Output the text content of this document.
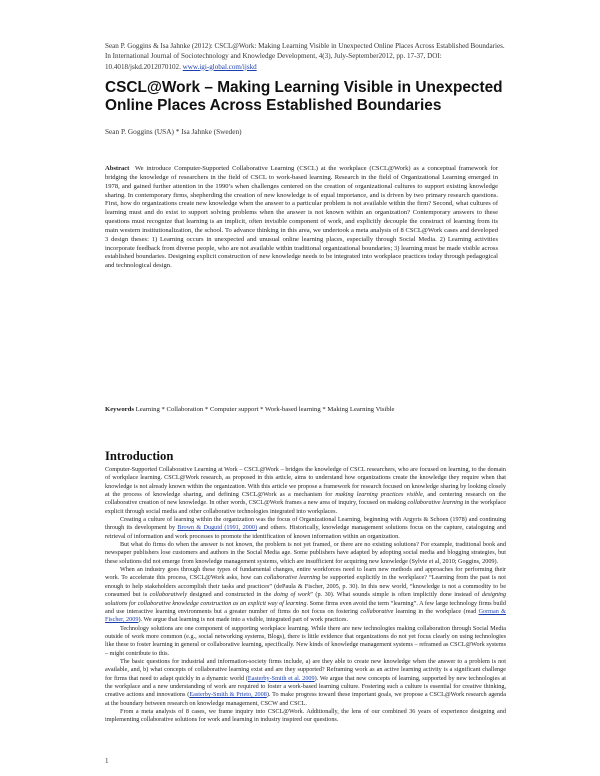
Sean P. Goggins & Isa Jahnke (2012): CSCL@Work: Making Learning Visible in Unexpected Online Places Across Established Boundaries. In International Journal of Sociotechnology and Knowledge Development, 4(3), July-September2012, pp. 17-37, DOI: 10.4018/jskd.2012070102. www.igi-global.com/ijskd
CSCL@Work – Making Learning Visible in Unexpected Online Places Across Established Boundaries
Sean P. Goggins (USA) * Isa Jahnke (Sweden)
Abstract We introduce Computer-Supported Collaborative Learning (CSCL) at the workplace (CSCL@Work) as a conceptual framework for bridging the knowledge of researchers in the field of CSCL to work-based learning. Research in the field of Organizational Learning emerged in 1978, and gained further attention in the 1990’s when challenges centered on the creation of organizational cultures to support existing knowledge sharing. In contemporary firms, shepherding the creation of new knowledge is of equal importance, and is driven by two primary research questions. First, how do organizations create new knowledge when the answer to a particular problem is not available within the firm? Second, what cultures of learning must and do exist to support solving problems when the answer is not known within an organization? Contemporary answers to these questions must recognize that learning is an implicit, often invisible component of work, and explicitly decouple the construct of learning from its main western institutionalization, the school. To advance thinking in this area, we undertook a meta analysis of 8 CSCL@Work cases and developed 3 design theses: 1) Learning occurs in unexpected and unusual online learning places, especially through Social Media. 2) Learning activities incorporate feedback from diverse people, who are not available within traditional organizational boundaries; 3) learning must be made visible across established boundaries. Designing explicit construction of new knowledge needs to be integrated into workplace practices today through pedagogical and technological design.
Keywords Learning * Collaboration * Computer support * Work-based learning * Making Learning Visible
Introduction

Computer-Supported Collaborative Learning at Work – CSCL@Work – bridges the knowledge of CSCL researchers, who are focused on learning, to the domain of workplace learning. CSCL@Work research, as proposed in this article, aims to understand how organizations create the knowledge they require when that knowledge is not already known within the organization. With this article we propose a framework for research focused on knowledge sharing by looking closely at the process of knowledge sharing, and defining CSCL@Work as a mechanism for making learning practices visible, and centering research on the collaborative creation of new knowledge. In other words, CSCL@Work frames a new area of inquiry, focused on making collaborative learning in the workplace explicit through social media and other collaborative technologies integrated into workplaces.

Creating a culture of learning within the organization was the focus of Organizational Learning, beginning with Argyris & Schoen (1978) and continuing through its development by Brown & Duguid (1991, 2000) and others. Historically, knowledge management solutions focus on the capture, cataloguing and retrieval of information and work processes to promote the identification of known information within an organization.

But what do firms do when the answer is not known, the problem is not yet framed, or there are no existing solutions? For example, traditional book and newspaper publishers lose customers and authors in the Social Media age. Some publishers have adapted by adopting social media and blogging strategies, but these solutions did not emerge from knowledge management systems, which are insufficient for acquiring new knowledge (Sylvie et al, 2010; Goggins, 2009).

When an industry goes through these types of fundamental changes, entire workforces need to learn new methods and approaches for performing their work. To accelerate this process, CSCL@Work asks, how can collaborative learning be supported explicitly in the workplace? “Learning from the past is not enough to help stakeholders accomplish their tasks and practices” (dePaula & Fischer, 2005, p. 30). In this new world, “knowledge is not a commodity to be consumed but is collaboratively designed and constructed in the doing of work” (p. 30). What sounds simple is often implicitly done instead of designing solutions for collaborative knowledge construction as an explicit way of learning. Some firms even avoid the term “learning”. A few large technology firms build and use interactive learning environments but a greater number of firms do not focus on fostering collaborative learning in the workplace (read Gorman & Fischer, 2009). We argue that learning is not made into a visible, integrated part of work practices.

Technology solutions are one component of supporting workplace learning. While there are new technologies making collaboration through Social Media outside of work more common (e.g., social networking systems, Blogs), there is little evidence that organizations do not yet focus clearly on using technologies like these to foster learning in general or collaborative learning, specifically. New kinds of knowledge management systems – reframed as CSCL@Work systems – might contribute to this.

The basic questions for industrial and information-society firms include, a) are they able to create new knowledge when the answer to a problem is not available, and, b) what concepts of collaborative learning exist and are they supported? Reframing work as an active learning activity is a significant challenge for firms that need to adapt quickly in a dynamic world (Easterby-Smith et al. 2009). We argue that new concepts of learning, supported by new technologies at the workplace and a new understanding of work are required to foster a work-based learning culture. Fostering such a culture is essential for creative thinking, creative actions and innovations (Easterby-Smith & Prieto, 2008). To make progress toward these important goals, we propose a CSCL@Work research agenda at the boundary between research on knowledge management, CSCW and CSCL.

From a meta analysis of 8 cases, we frame inquiry into CSCL@Work. Additionally, the lens of our combined 36 years of experience designing and implementing collaborative solutions for work and learning in industry inspired our questions.

1
